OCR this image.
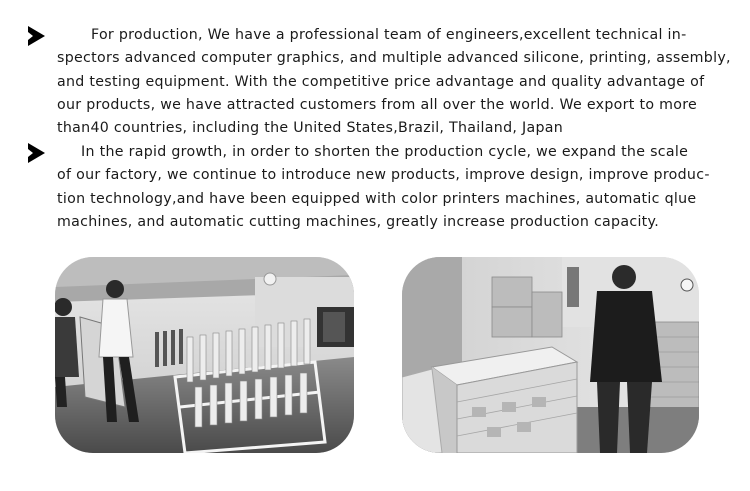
For production, We have a professional team of engineers,excellent technical in-
spectors advanced computer graphics, and multiple advanced silicone, printing, assembly,
and testing equipment. With the competitive price advantage and quality advantage of
our products, we have attracted customers from all over the world. We export to more
than40 countries, including the United States,Brazil, Thailand, Japan
In the rapid growth, in order to shorten the production cycle, we expand the scale
of our factory, we continue to introduce new products, improve design, improve produc-
tion technology,and have been equipped with color printers machines, automatic qlue
machines, and automatic cutting machines, greatly increase production capacity.
